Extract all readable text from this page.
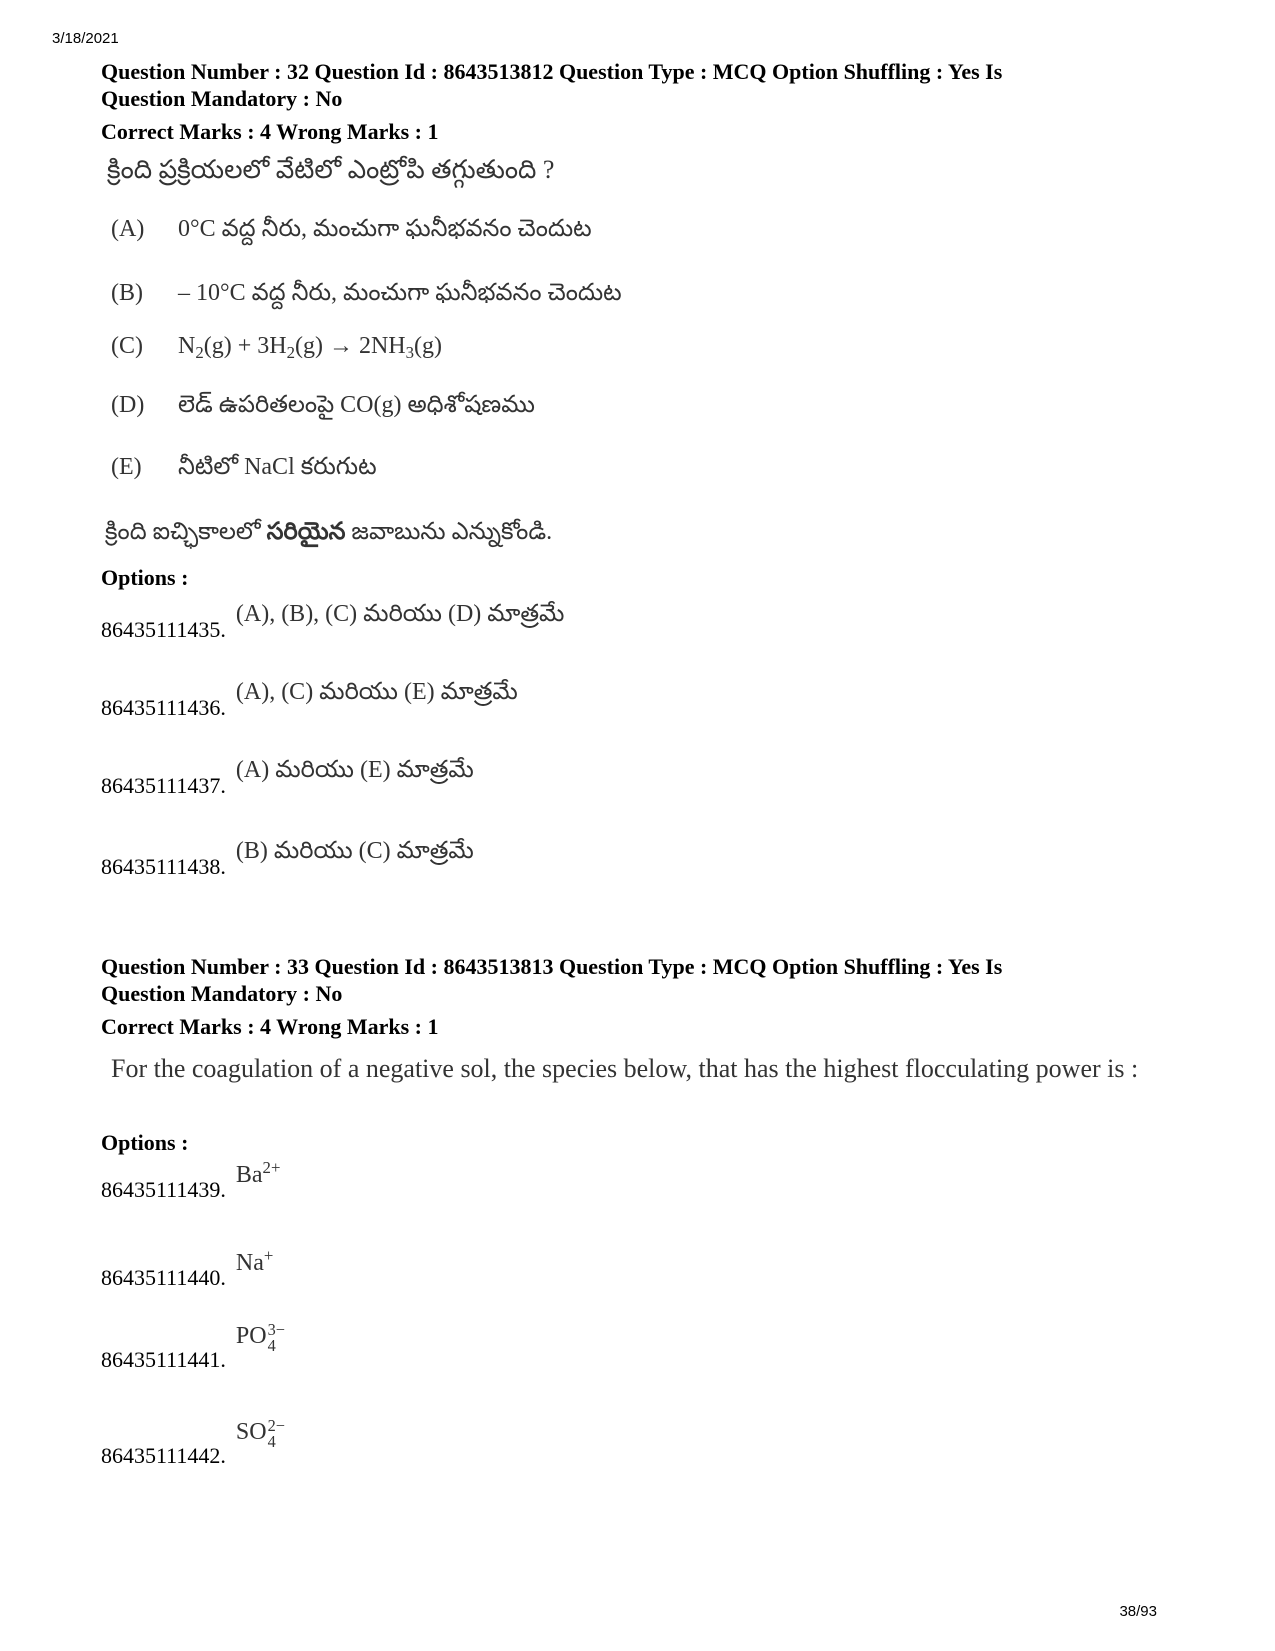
3/18/2021
Question Number : 32 Question Id : 8643513812 Question Type : MCQ Option Shuffling : Yes Is
Question Mandatory : No
Correct Marks : 4 Wrong Marks : 1
క్రింది ప్రక్రియలలో వేటిలో ఎంట్రోపి తగ్గుతుంది ?
(A)	0°C వద్ద నీరు, మంచుగా ఘనీభవనం చెందుట
(B)	– 10°C వద్ద నీరు, మంచుగా ఘనీభవనం చెందుట
(C)	$N_2(g) + 3H_2(g) \to 2NH_3(g)$
(D)	లెడ్ ఉపరితలంపై CO(g) అధిశోషణము
(E)	నీటిలో NaCl కరుగుట
క్రింది ఐచ్ఛికాలలో సరియైన జవాబును ఎన్నుకోండి.
Options :
86435111435.
(A), (B), (C) మరియు (D) మాత్రమే
86435111436.
(A), (C) మరియు (E) మాత్రమే
86435111437.
(A) మరియు (E) మాత్రమే
86435111438.
(B) మరియు (C) మాత్రమే
Question Number : 33 Question Id : 8643513813 Question Type : MCQ Option Shuffling : Yes Is
Question Mandatory : No
Correct Marks : 4 Wrong Marks : 1
For the coagulation of a negative sol, the species below, that has the highest flocculating power is :
Options :
86435111439.
$Ba^{2+}$
86435111440.
Na+
86435111441.
PO 3−
4
86435111442.
SO 2−
4
38/93
